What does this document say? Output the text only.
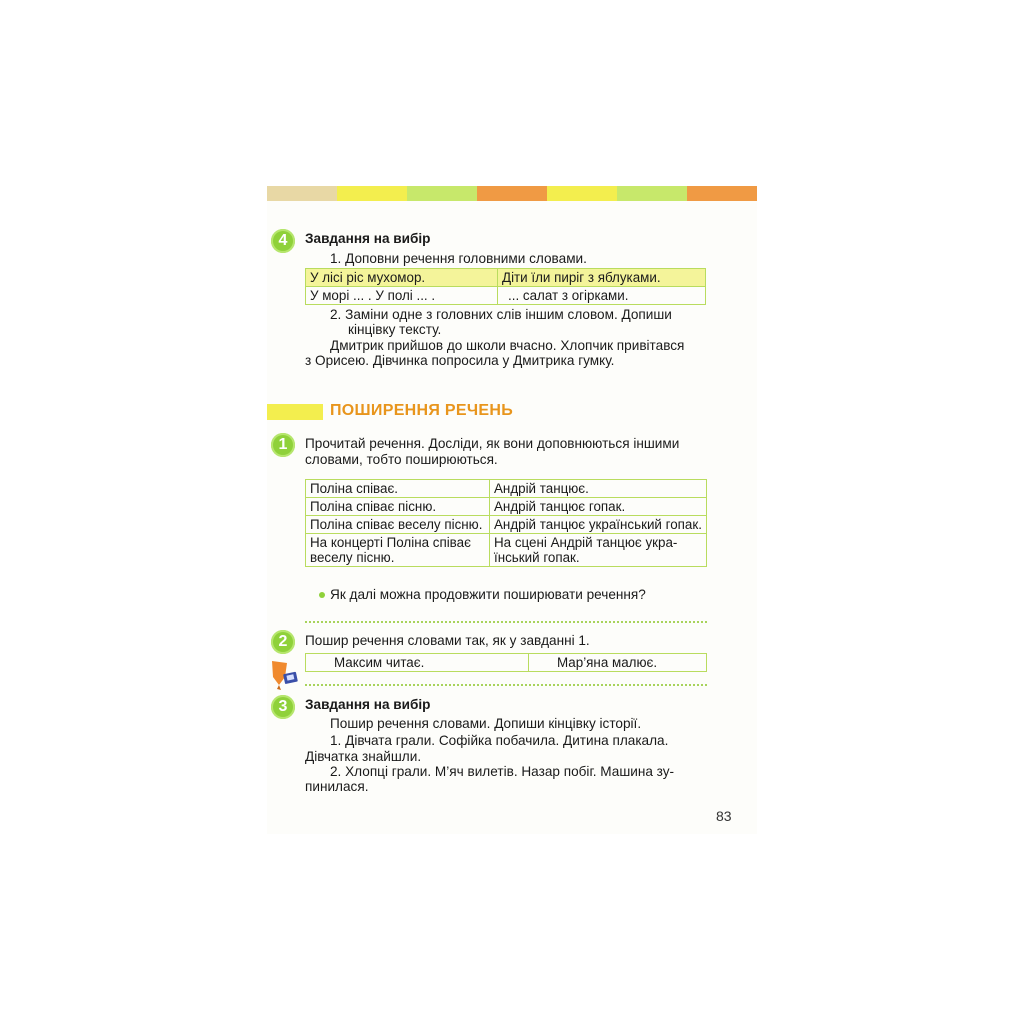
4 Завдання на вибір
1. Доповни речення головними словами.
У лісі ріс мухомор.	Діти їли пиріг з яблуками.
У морі ... . У полі ... .	... салат з огірками.
2. Заміни одне з головних слів іншим словом. Допиши
кінцівку тексту.
Дмитрик прийшов до школи вчасно. Хлопчик привітався
з Орисею. Дівчинка попросила у Дмитрика гумку.
ПОШИРЕННЯ РЕЧЕНЬ
1 Прочитай речення. Досліди, як вони доповнюються іншими
словами, тобто поширюються.
Поліна співає.	Андрій танцює.
Поліна співає пісню.	Андрій танцює гопак.
Поліна співає веселу пісню.	Андрій танцює український гопак.
На концерті Поліна співає веселу пісню.	На сцені Андрій танцює укра-їнський гопак.
Як далі можна продовжити поширювати речення?
2 Пошир речення словами так, як у завданні 1.
Максим читає.	Мар’яна малює.
3 Завдання на вибір
Пошир речення словами. Допиши кінцівку історії.
1. Дівчата грали. Софійка побачила. Дитина плакала.
Дівчатка знайшли.
2. Хлопці грали. М’яч вилетів. Назар побіг. Машина зу-
пинилася.
83
